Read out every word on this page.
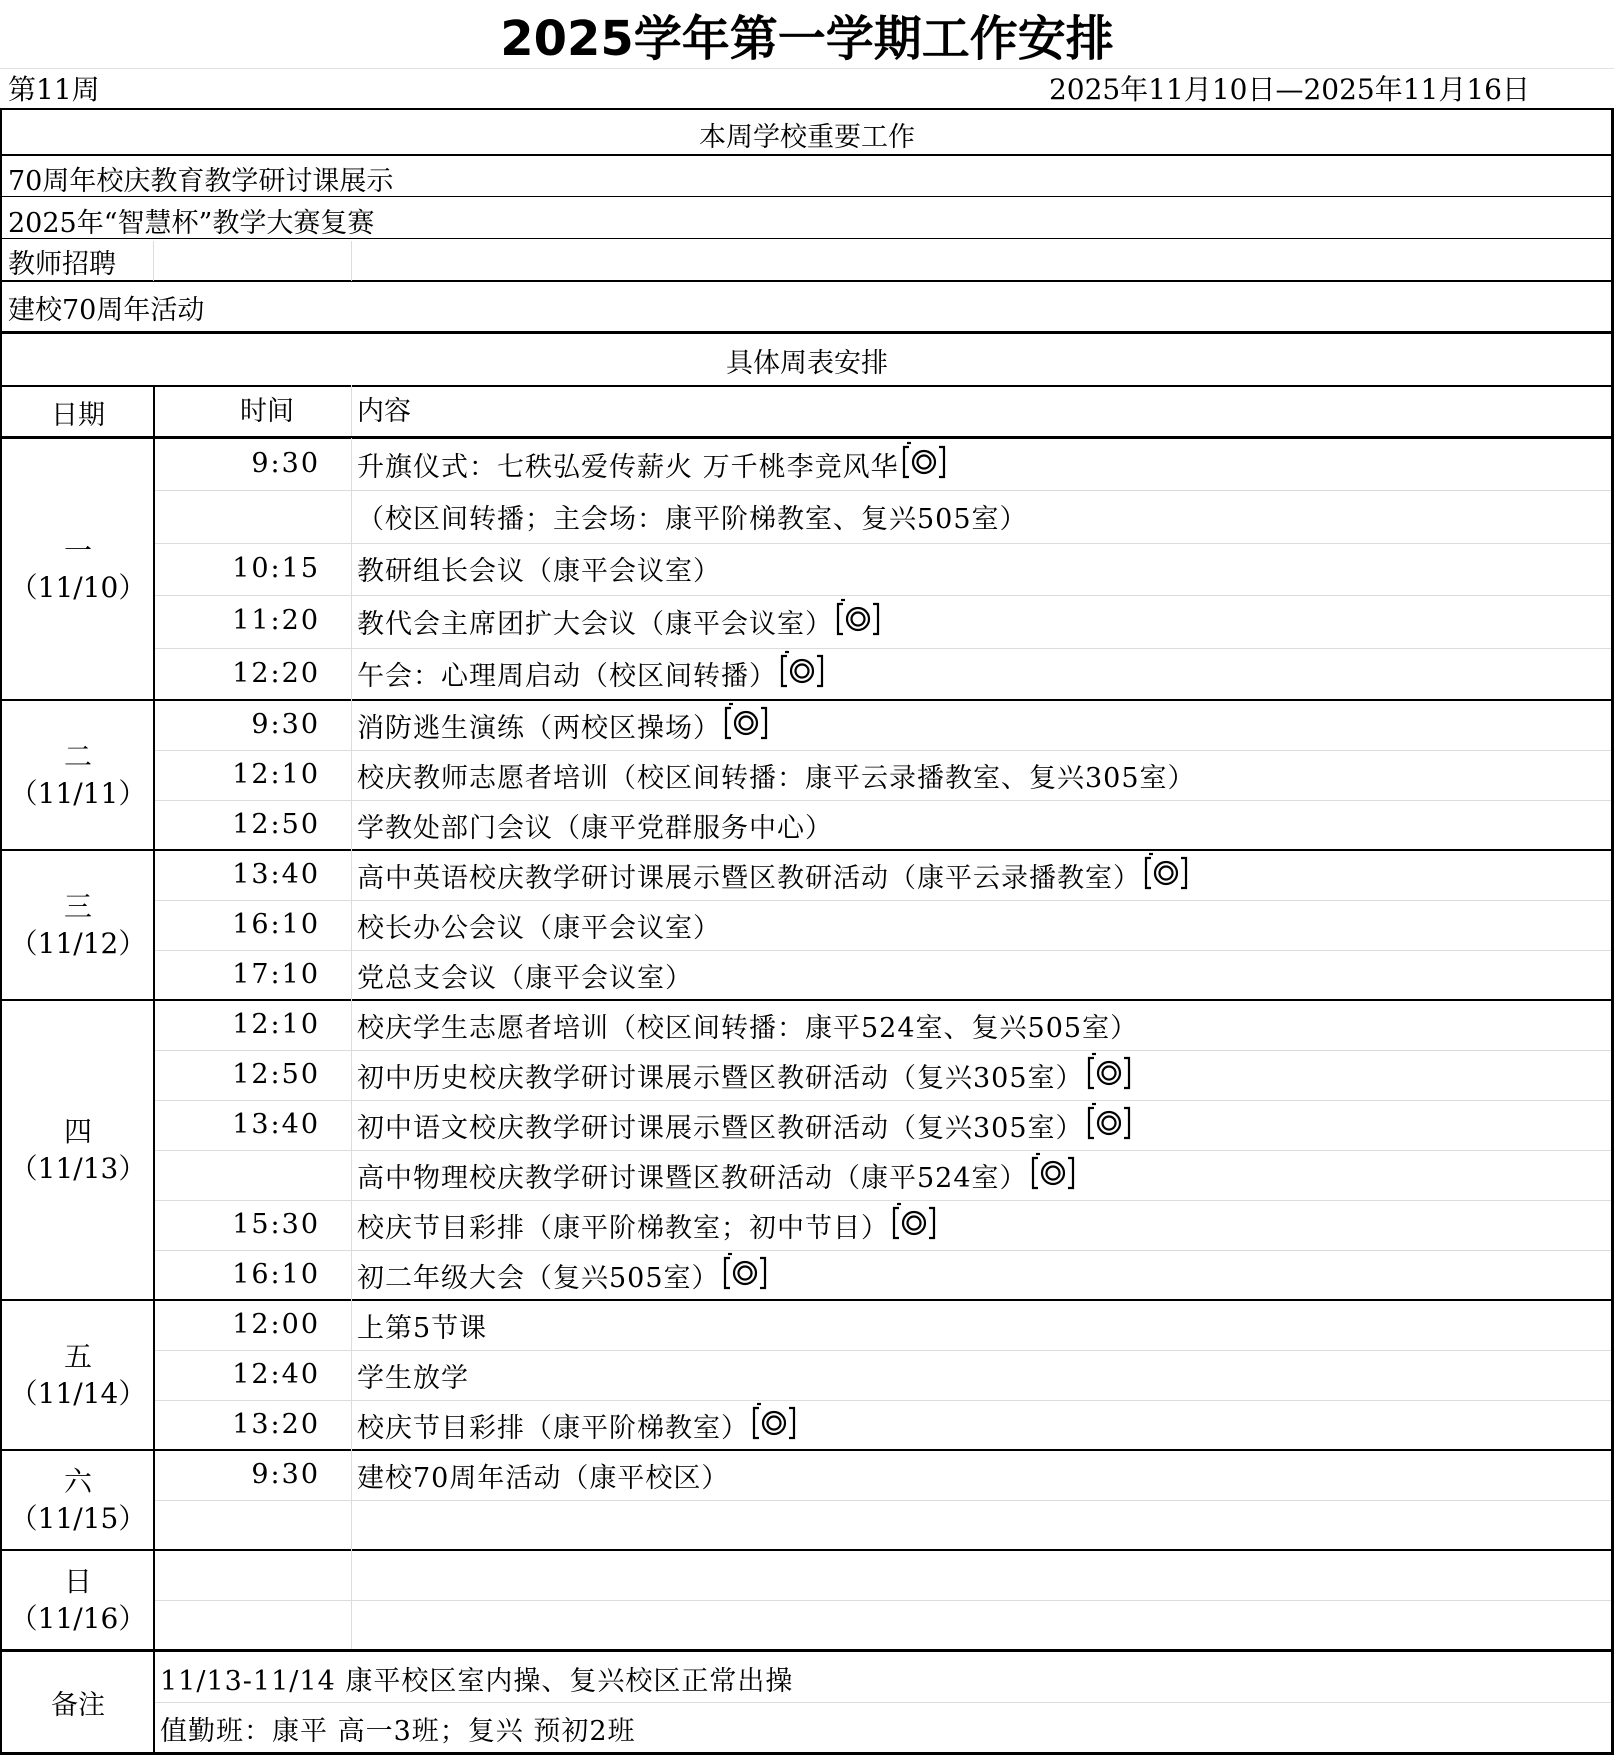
2025学年第一学期工作安排
第11周	2025年11月10日—2025年11月16日
本周学校重要工作
70周年校庆教育教学研讨课展示
2025年“智慧杯”教学大赛复赛
教师招聘
建校70周年活动
具体周表安排
日期	时间 内容
一
（11/10）
9:30 升旗仪式：七秩弘爱传薪火 万千桃李竞风华
（校区间转播；主会场：康平阶梯教室、复兴505室）
10:15 教研组长会议（康平会议室）
11:20 教代会主席团扩大会议（康平会议室）
12:20 午会：心理周启动（校区间转播）
二
（11/11）
9:30 消防逃生演练（两校区操场）
12:10 校庆教师志愿者培训（校区间转播：康平云录播教室、复兴305室）
12:50 学教处部门会议（康平党群服务中心）
三
（11/12）
13:40 高中英语校庆教学研讨课展示暨区教研活动（康平云录播教室）
16:10 校长办公会议（康平会议室）
17:10 党总支会议（康平会议室）
四
（11/13）
12:10 校庆学生志愿者培训（校区间转播：康平524室、复兴505室）
12:50 初中历史校庆教学研讨课展示暨区教研活动（复兴305室）
13:40 初中语文校庆教学研讨课展示暨区教研活动（复兴305室）
高中物理校庆教学研讨课暨区教研活动（康平524室）
15:30 校庆节目彩排（康平阶梯教室；初中节目）
16:10 初二年级大会（复兴505室）
五
（11/14）
12:00 上第5节课
12:40 学生放学
13:20 校庆节目彩排（康平阶梯教室）
六
（11/15）
9:30 建校70周年活动（康平校区）
日
（11/16）
备注
11/13-11/14 康平校区室内操、复兴校区正常出操
值勤班：康平 高一3班；复兴 预初2班
